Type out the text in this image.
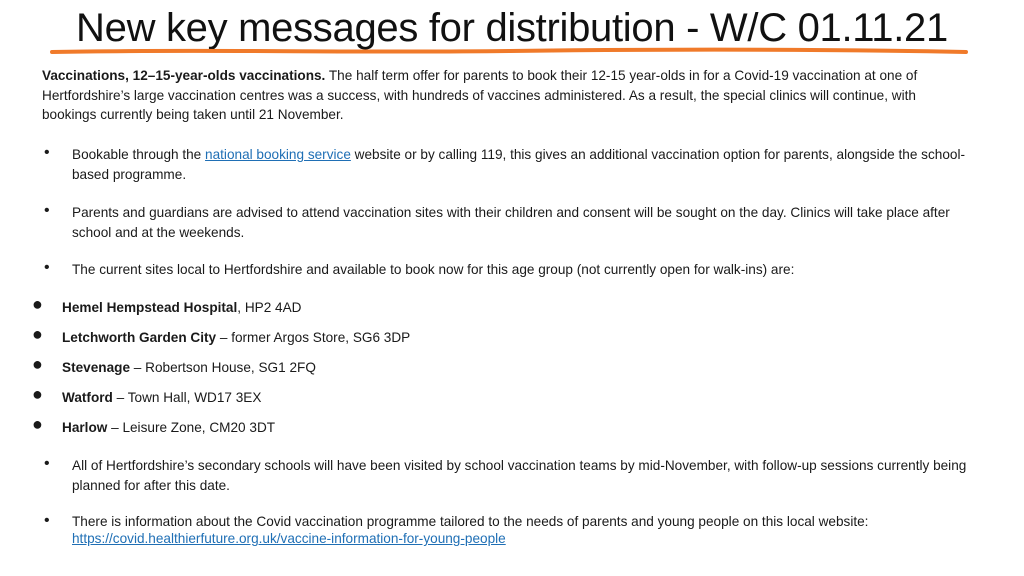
New key messages for distribution - W/C 01.11.21
Vaccinations, 12–15-year-olds vaccinations. The half term offer for parents to book their 12-15 year-olds in for a Covid-19 vaccination at one of Hertfordshire’s large vaccination centres was a success, with hundreds of vaccines administered. As a result, the special clinics will continue, with bookings currently being taken until 21 November.
• Bookable through the national booking service website or by calling 119, this gives an additional vaccination option for parents, alongside the school-based programme.
• Parents and guardians are advised to attend vaccination sites with their children and consent will be sought on the day. Clinics will take place after school and at the weekends.
• The current sites local to Hertfordshire and available to book now for this age group (not currently open for walk-ins) are:
● Hemel Hempstead Hospital, HP2 4AD
● Letchworth Garden City – former Argos Store, SG6 3DP
● Stevenage – Robertson House, SG1 2FQ
● Watford – Town Hall, WD17 3EX
● Harlow – Leisure Zone, CM20 3DT
• All of Hertfordshire’s secondary schools will have been visited by school vaccination teams by mid-November, with follow-up sessions currently being planned for after this date.
• There is information about the Covid vaccination programme tailored to the needs of parents and young people on this local website:
https://covid.healthierfuture.org.uk/vaccine-information-for-young-people
